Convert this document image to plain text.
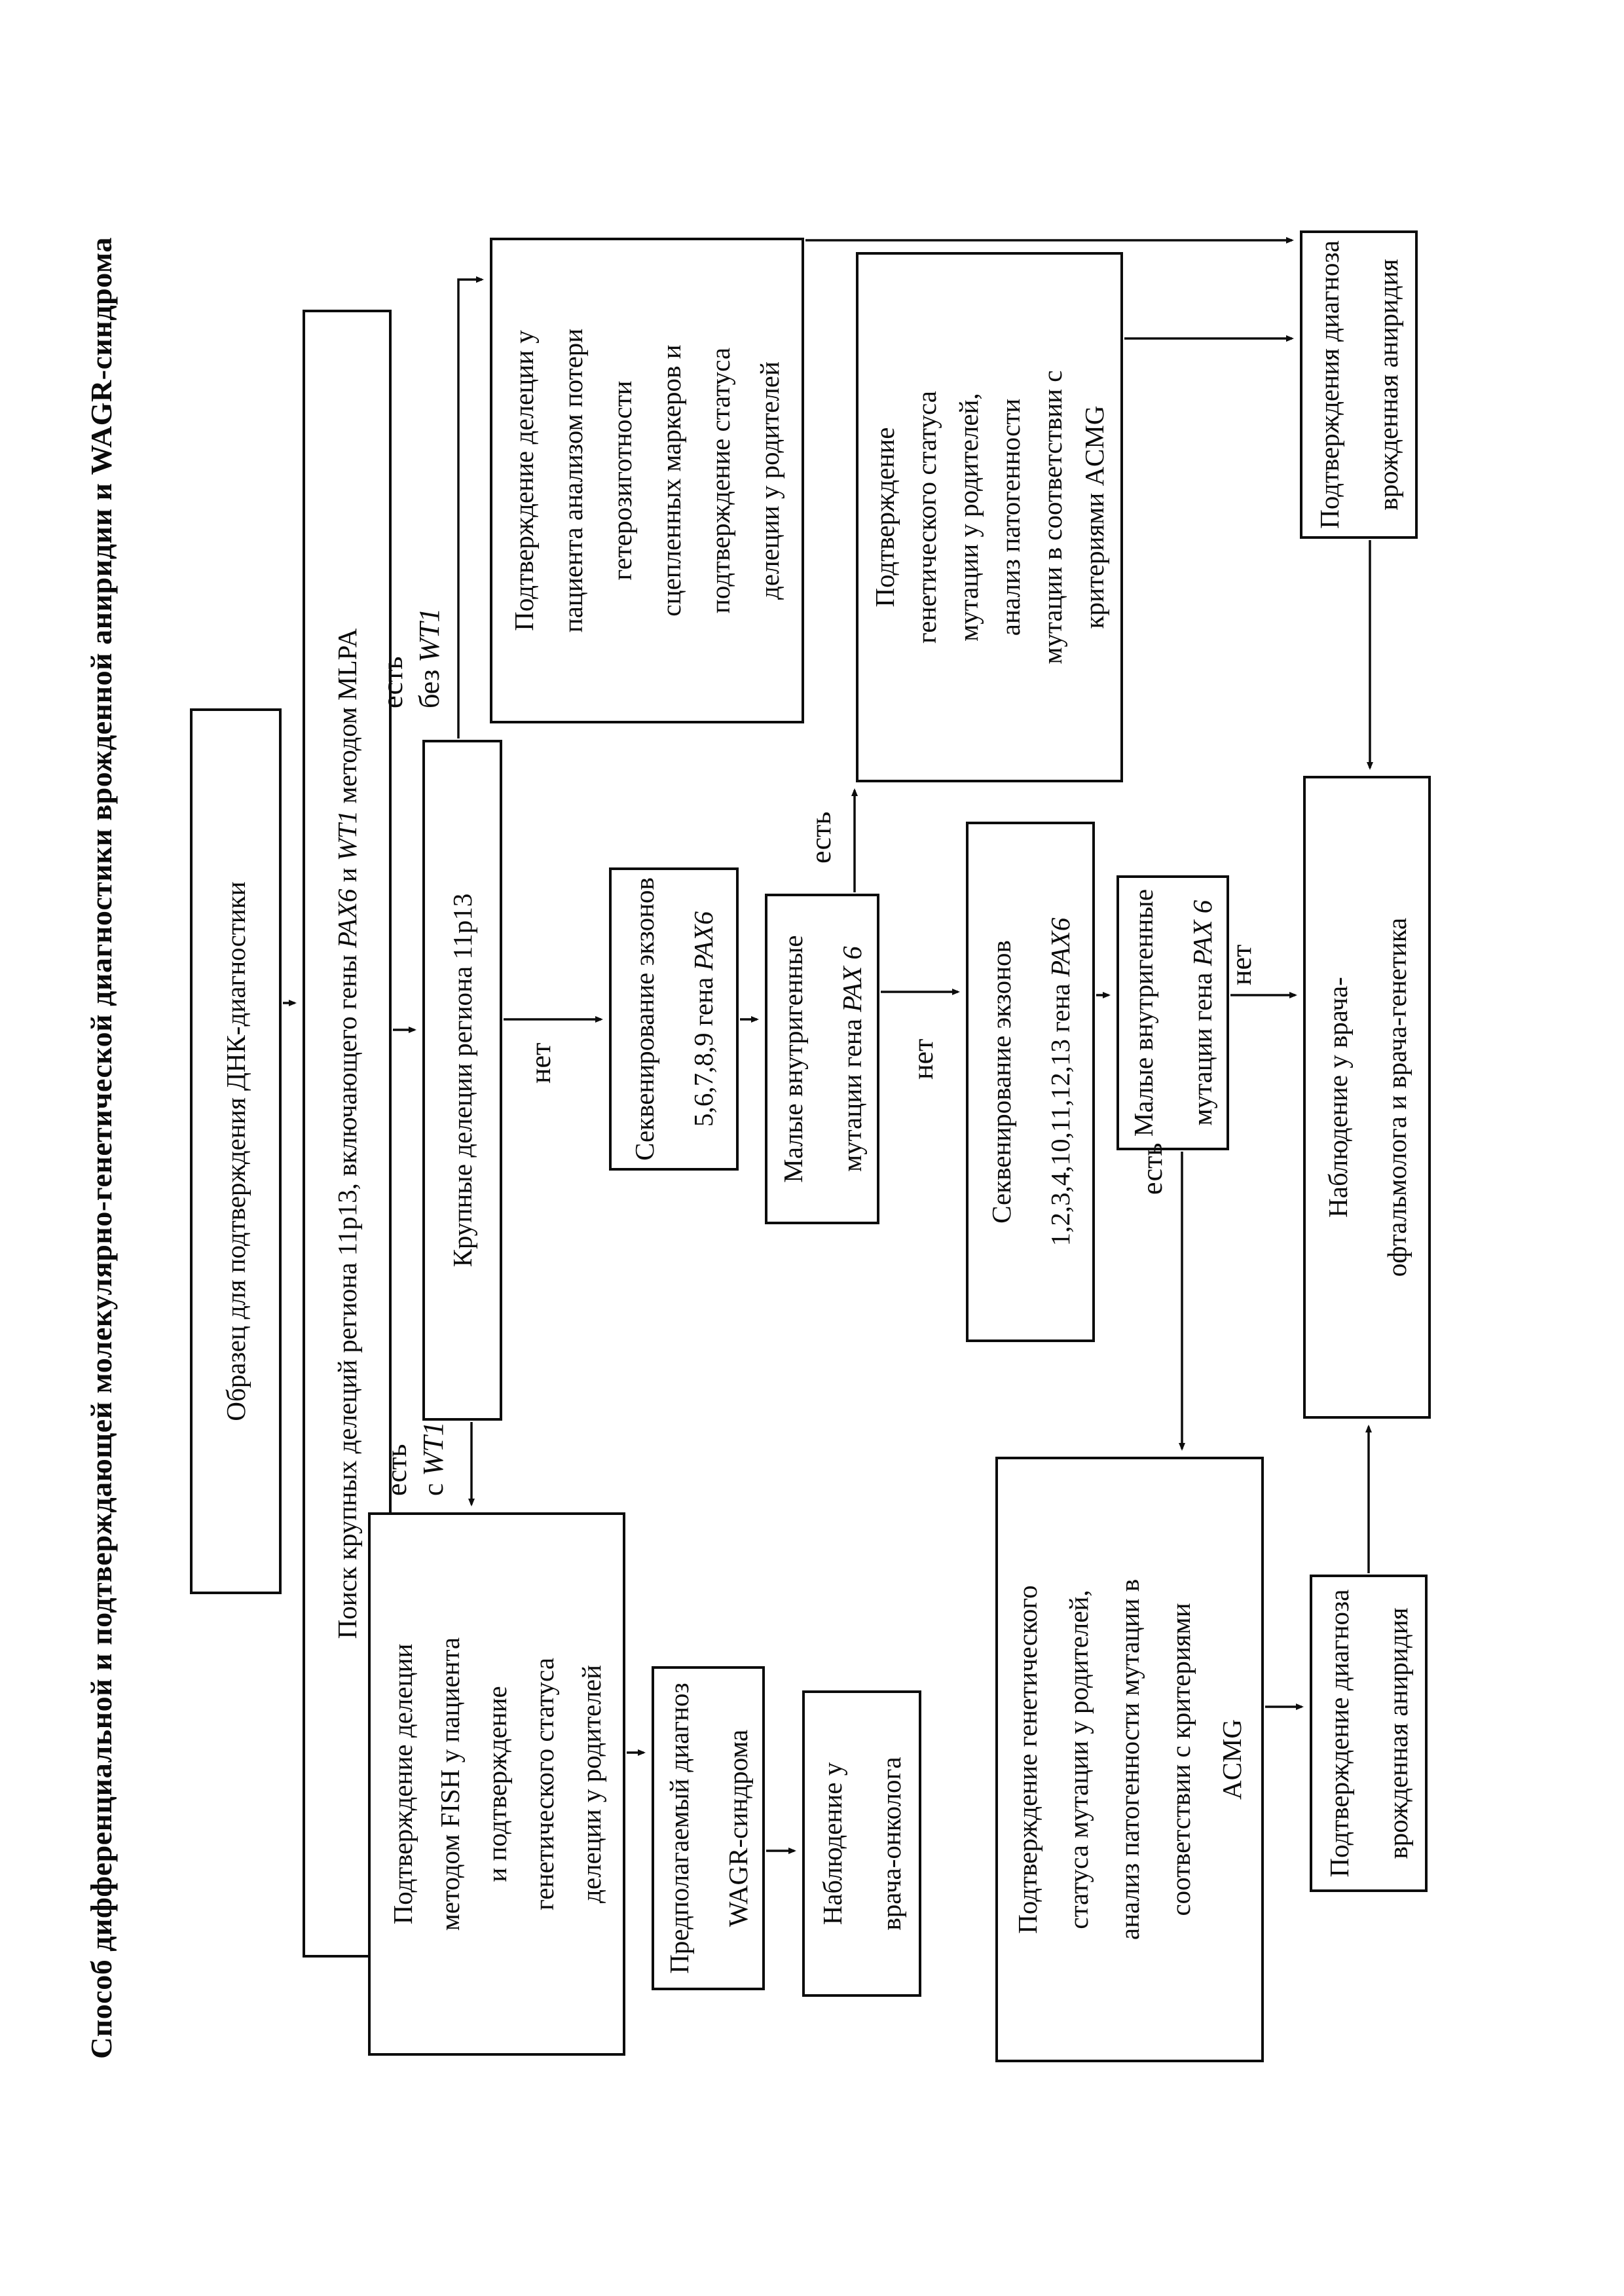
Способ дифференциальной и подтверждающей молекулярно-генетической диагностики врожденной аниридии и WAGR-синдрома	Образец для подтверждения ДНК-диагностики	Поиск крупных делеций региона 11p13, включающего гены PAX6 и WT1 методом MLPA
Крупные делеции региона 11p13
Подтверждение делеции у пациента анализом потери гетерозиготности сцепленных маркеров и подтверждение статуса делеции у родителей
Секвенирование экзонов	5,6,7,8,9 гена PAX6	Малые внутригенные	мутации гена PAX 6
Подтверждение генетического статуса мутации у родителей, анализ патогенности мутации в соответствии с критериями ACMG	Подтверждения диагноза	врожденная аниридия
Секвенирование экзонов	1,2,3,4,10,11,12,13 гена PAX6	Малые внутригенные	мутации гена PAX 6
Подтверждение генетического статуса мутации у родителей, анализ патогенности мутации в соответствии с критериями ACMG	Подтверждение диагноза	врожденная аниридия
Наблюдение у врача-	офтальмолога и врача-генетика
Подтверждение делеции методом FISH у пациента и подтверждение генетического статуса делеции у родителей	Предполагаемый диагноз	WAGR-синдрома	Наблюдение у	врача-онколога
есть без WT1
есть с WT1
нет	нет
нет
есть
есть
